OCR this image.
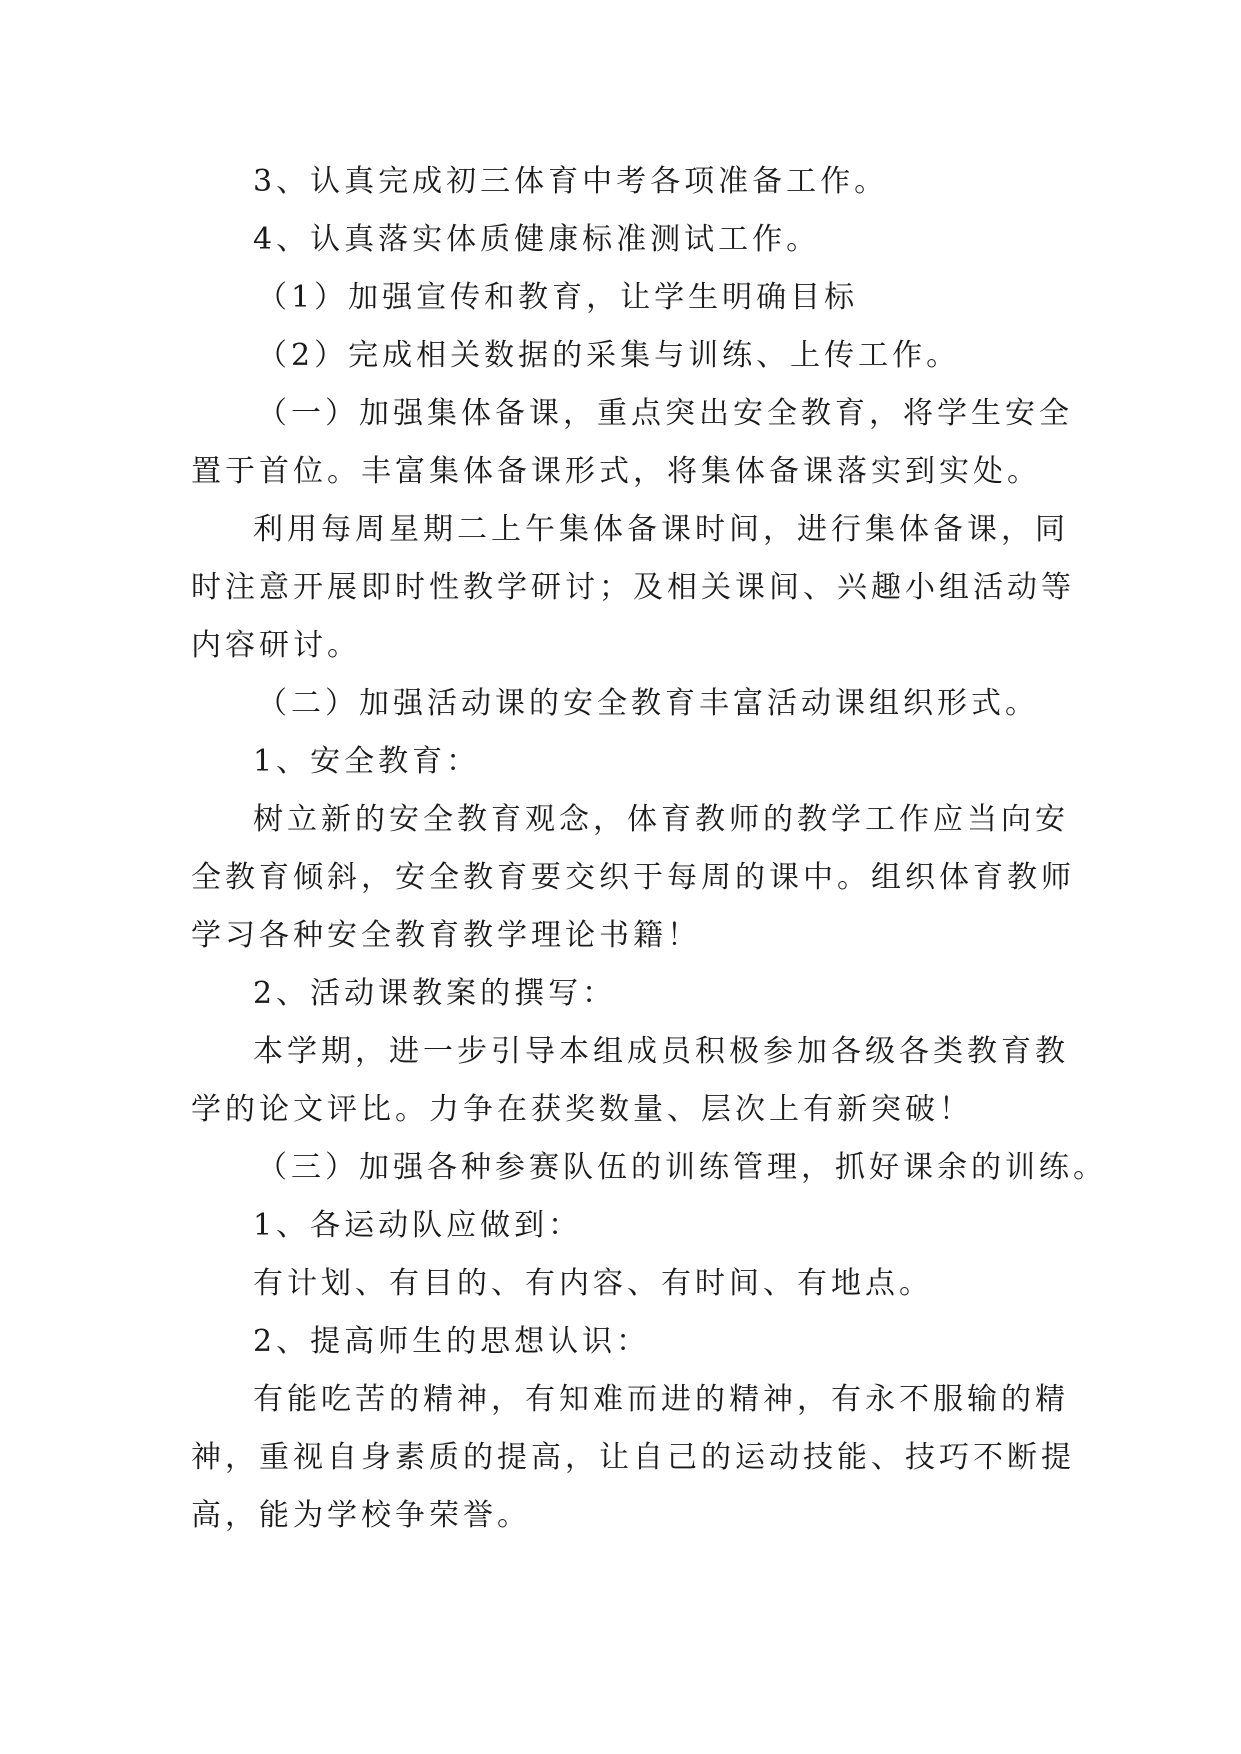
3、认真完成初三体育中考各项准备工作。
4、认真落实体质健康标准测试工作。
（1）加强宣传和教育，让学生明确目标
（2）完成相关数据的采集与训练、上传工作。
（一）加强集体备课，重点突出安全教育，将学生安全
置于首位。丰富集体备课形式，将集体备课落实到实处。
利用每周星期二上午集体备课时间，进行集体备课，同
时注意开展即时性教学研讨；及相关课间、兴趣小组活动等
内容研讨。
（二）加强活动课的安全教育丰富活动课组织形式。
1、安全教育：
树立新的安全教育观念，体育教师的教学工作应当向安
全教育倾斜，安全教育要交织于每周的课中。组织体育教师
学习各种安全教育教学理论书籍！
2、活动课教案的撰写：
本学期，进一步引导本组成员积极参加各级各类教育教
学的论文评比。力争在获奖数量、层次上有新突破！
（三）加强各种参赛队伍的训练管理，抓好课余的训练。
1、各运动队应做到：
有计划、有目的、有内容、有时间、有地点。
2、提高师生的思想认识：
有能吃苦的精神，有知难而进的精神，有永不服输的精
神，重视自身素质的提高，让自己的运动技能、技巧不断提
高，能为学校争荣誉。
